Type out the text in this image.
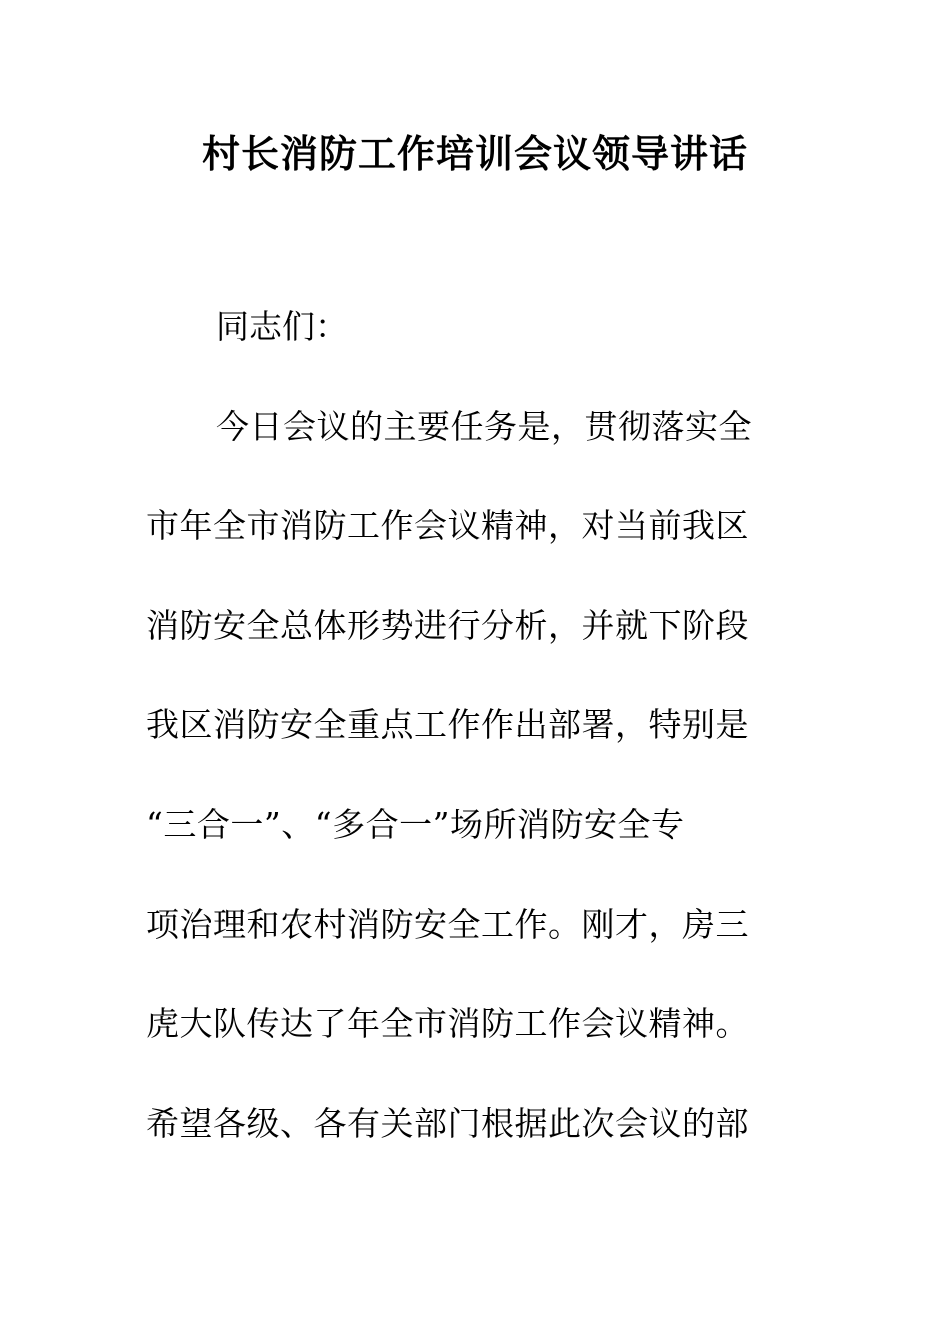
村长消防工作培训会议领导讲话

同志们：

今日会议的主要任务是，贯彻落实全

市年全市消防工作会议精神，对当前我区

消防安全总体形势进行分析，并就下阶段

我区消防安全重点工作作出部署，特别是

“三合一”、“多合一”场所消防安全专

项治理和农村消防安全工作。刚才，房三

虎大队传达了年全市消防工作会议精神。

希望各级、各有关部门根据此次会议的部
